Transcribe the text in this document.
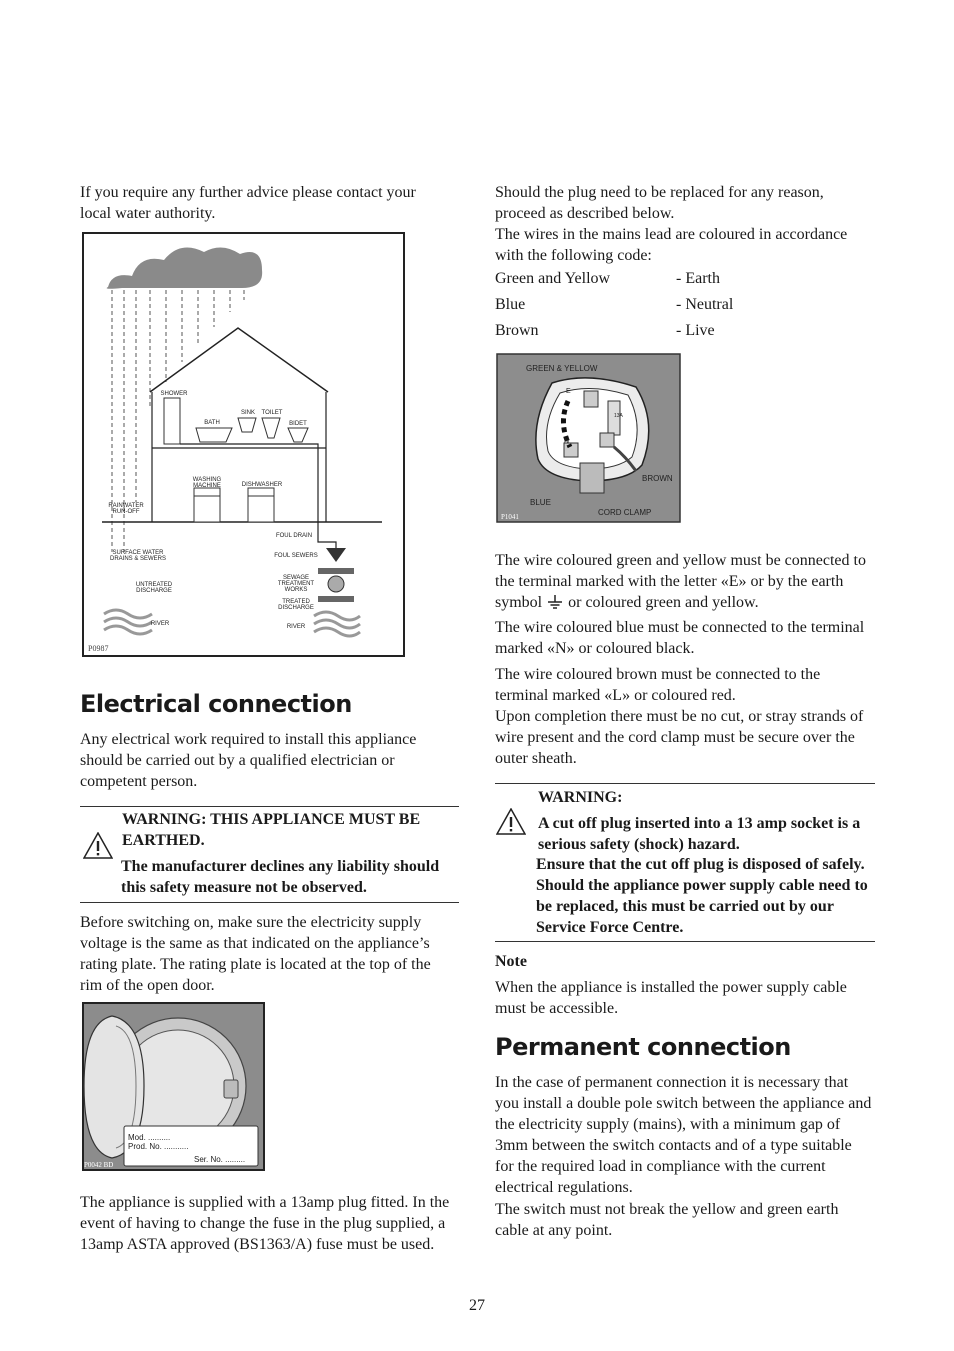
If you require any further advice please contact your local water authority.

SHOWER
BATH
SINK TOILET
BIDET
WASHING
MACHINE	DISHWASHER
RAINWATER
RUN-OFF
FOUL DRAIN
FOUL SEWERS
SURFACE WATER
DRAINS & SEWERS
SEWAGE
TREATMENT
WORKS
UNTREATED
DISCHARGE
TREATED
DISCHARGE
RIVER	RIVER
P0987
Electrical connection

Any electrical work required to install this appliance should be carried out by a qualified electrician or competent person.

WARNING: THIS APPLIANCE MUST BE EARTHED.

The manufacturer declines any liability should this safety measure not be observed.

Before switching on, make sure the electricity supply voltage is the same as that indicated on the appliance’s rating plate. The rating plate is located at the top of the rim of the open door.

Mod. ..........
Prod. No. ...........
Ser. No. .........
P0042 BD

The appliance is supplied with a 13amp plug fitted. In the event of having to change the fuse in the plug supplied, a 13amp ASTA approved (BS1363/A) fuse must be used.

Should the plug need to be replaced for any reason, proceed as described below.

The wires in the mains lead are coloured in accordance with the following code:

Green and Yellow	- Earth
Blue	- Neutral
Brown	- Live
GREEN & YELLOW
BROWN
BLUE
CORD CLAMP
E
N
13A
P1041

The wire coloured green and yellow must be connected to the terminal marked with the letter «E» or by the earth symbol or coloured green and yellow.

The wire coloured blue must be connected to the terminal marked «N» or coloured black.

The wire coloured brown must be connected to the terminal marked «L» or coloured red.

Upon completion there must be no cut, or stray strands of wire present and the cord clamp must be secure over the outer sheath.

WARNING:

A cut off plug inserted into a 13 amp socket is a serious safety (shock) hazard.

Ensure that the cut off plug is disposed of safely. Should the appliance power supply cable need to be replaced, this must be carried out by our Service Force Centre.

Note

When the appliance is installed the power supply cable must be accessible.

Permanent connection

In the case of permanent connection it is necessary that you install a double pole switch between the appliance and the electricity supply (mains), with a minimum gap of 3mm between the switch contacts and of a type suitable for the required load in compliance with the current electrical regulations.

The switch must not break the yellow and green earth cable at any point.

27
